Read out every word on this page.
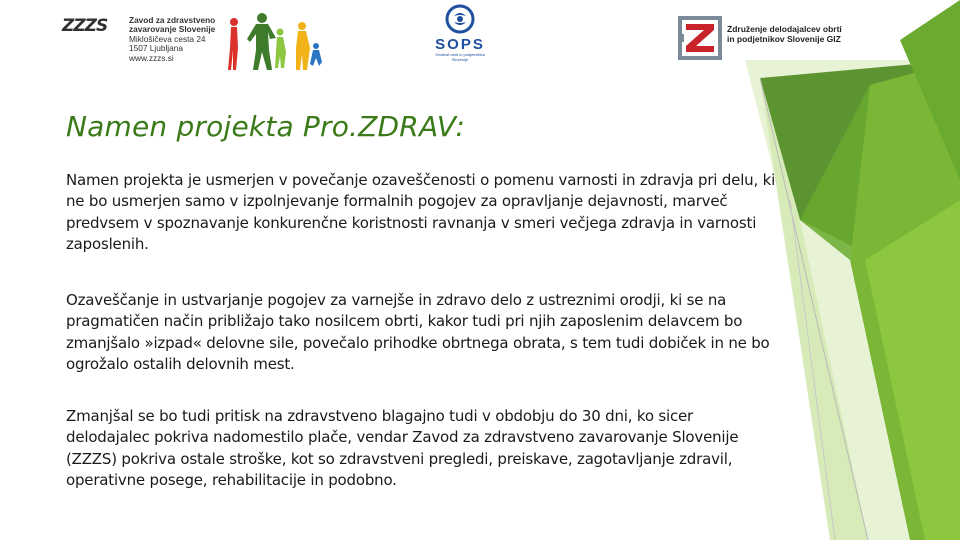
ZZZS	Zavod za zdravstveno
zavarovanje Slovenije
Miklošičeva cesta 24
1507 Ljubljana
www.zzzs.si
SOPS
Sindikat obrti in podjetništva Slovenije
Združenje delodajalcev obrti
in podjetnikov Slovenije GIZ
Namen projekta Pro.ZDRAV:

Namen projekta je usmerjen v povečanje ozaveščenosti o pomenu varnosti in zdravja pri delu, ki ne bo usmerjen samo v izpolnjevanje formalnih pogojev za opravljanje dejavnosti, marveč predvsem v spoznavanje konkurenčne koristnosti ravnanja v smeri večjega zdravja in varnosti zaposlenih.

Ozaveščanje in ustvarjanje pogojev za varnejše in zdravo delo z ustreznimi orodji, ki se na pragmatičen način približajo tako nosilcem obrti, kakor tudi pri njih zaposlenim delavcem bo zmanjšalo »izpad« delovne sile, povečalo prihodke obrtnega obrata, s tem tudi dobiček in ne bo ogrožalo ostalih delovnih mest.

Zmanjšal se bo tudi pritisk na zdravstveno blagajno tudi v obdobju do 30 dni, ko sicer delodajalec pokriva nadomestilo plače, vendar Zavod za zdravstveno zavarovanje Slovenije (ZZZS) pokriva ostale stroške, kot so zdravstveni pregledi, preiskave, zagotavljanje zdravil, operativne posege, rehabilitacije in podobno.
